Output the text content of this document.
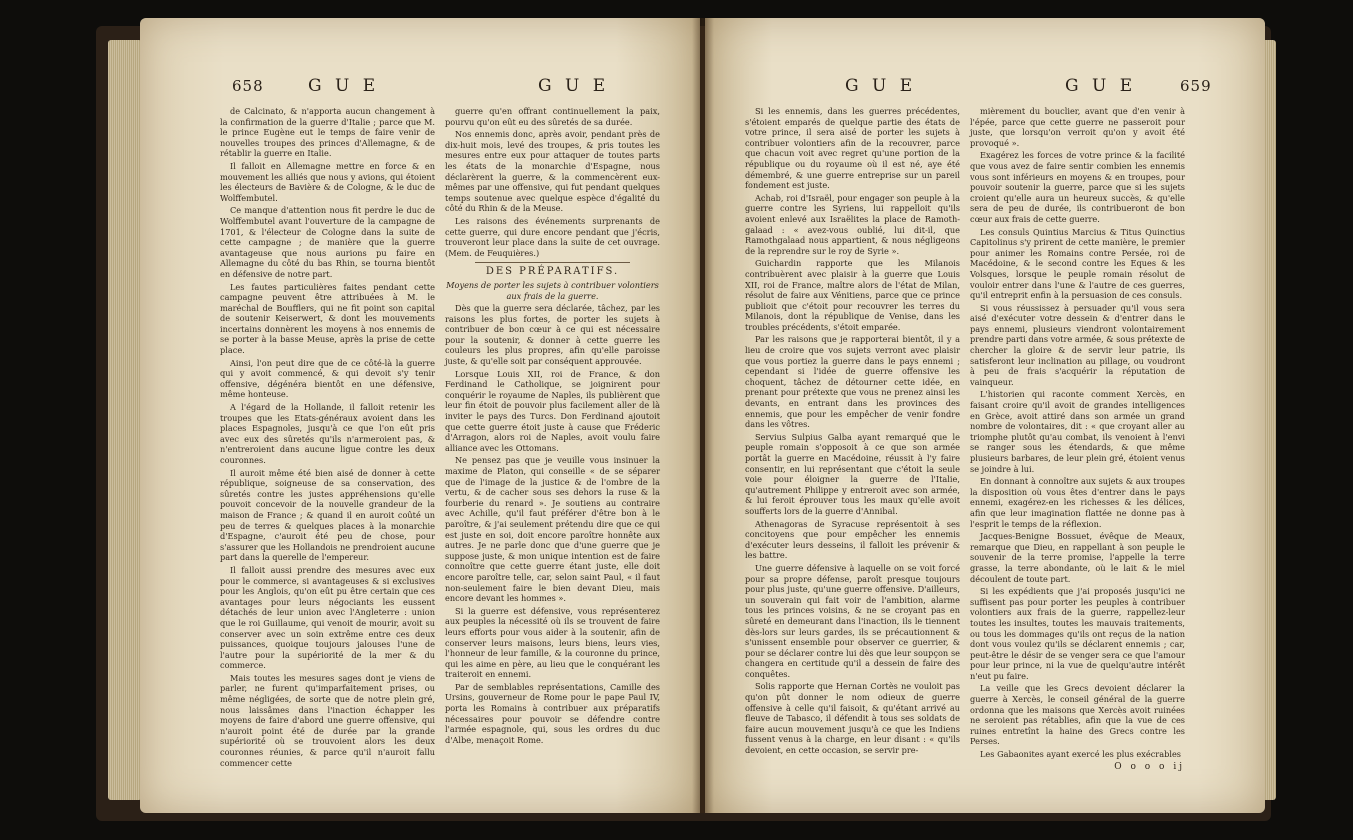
658	G U E	G U E

de Calcinato, & n'apporta aucun changement à la confirmation de la guerre d'Italie ; parce que M. le prince Eugène eut le temps de faire venir de nouvelles troupes des princes d'Allemagne, & de rétablir la guerre en Italie.

Il falloit en Allemagne mettre en force & en mouvement les alliés que nous y avions, qui étoient les électeurs de Bavière & de Cologne, & le duc de Wolffembutel.

Ce manque d'attention nous fit perdre le duc de Wolffembutel avant l'ouverture de la campagne de 1701, & l'électeur de Cologne dans la suite de cette campagne ; de manière que la guerre avantageuse que nous aurions pu faire en Allemagne du côté du bas Rhin, se tourna bientôt en défensive de notre part.

Les fautes particulières faites pendant cette campagne peuvent être attribuées à M. le maréchal de Boufflers, qui ne fit point son capital de soutenir Keiserwert, & dont les mouvements incertains donnèrent les moyens à nos ennemis de se porter à la basse Meuse, après la prise de cette place.

Ainsi, l'on peut dire que de ce côté-là la guerre qui y avoit commencé, & qui devoit s'y tenir offensive, dégénéra bientôt en une défensive, même honteuse.

A l'égard de la Hollande, il falloit retenir les troupes que les Etats-généraux avoient dans les places Espagnoles, jusqu'à ce que l'on eût pris avec eux des sûretés qu'ils n'armeroient pas, & n'entreroient dans aucune ligue contre les deux couronnes.

Il auroit même été bien aisé de donner à cette république, soigneuse de sa conservation, des sûretés contre les justes appréhensions qu'elle pouvoit concevoir de la nouvelle grandeur de la maison de France ; & quand il en auroit coûté un peu de terres & quelques places à la monarchie d'Espagne, c'auroit été peu de chose, pour s'assurer que les Hollandois ne prendroient aucune part dans la querelle de l'empereur.

Il falloit aussi prendre des mesures avec eux pour le commerce, si avantageuses & si exclusives pour les Anglois, qu'on eût pu être certain que ces avantages pour leurs négociants les eussent détachés de leur union avec l'Angleterre : union que le roi Guillaume, qui venoit de mourir, avoit su conserver avec un soin extrême entre ces deux puissances, quoique toujours jalouses l'une de l'autre pour la supériorité de la mer & du commerce.

Mais toutes les mesures sages dont je viens de parler, ne furent qu'imparfaitement prises, ou même négligées, de sorte que de notre plein gré, nous laissâmes dans l'inaction échapper les moyens de faire d'abord une guerre offensive, qui n'auroit point été de durée par la grande supériorité où se trouvoient alors les deux couronnes réunies, & parce qu'il n'auroit fallu commencer cette

guerre qu'en offrant continuellement la paix, pourvu qu'on eût eu des sûretés de sa durée.

Nos ennemis donc, après avoir, pendant près de dix-huit mois, levé des troupes, & pris toutes les mesures entre eux pour attaquer de toutes parts les états de la monarchie d'Espagne, nous déclarèrent la guerre, & la commencèrent eux-mêmes par une offensive, qui fut pendant quelques temps soutenue avec quelque espèce d'égalité du côté du Rhin & de la Meuse.

Les raisons des événements surprenants de cette guerre, qui dure encore pendant que j'écris, trouveront leur place dans la suite de cet ouvrage. (Mem. de Feuquières.)

DES PRÉPARATIFS.

Moyens de porter les sujets à contribuer volontiers aux frais de la guerre.

Dès que la guerre sera déclarée, tâchez, par les raisons les plus fortes, de porter les sujets à contribuer de bon cœur à ce qui est nécessaire pour la soutenir, & donner à cette guerre les couleurs les plus propres, afin qu'elle paroisse juste, & qu'elle soit par conséquent approuvée.

Lorsque Louis XII, roi de France, & don Ferdinand le Catholique, se joignirent pour conquérir le royaume de Naples, ils publièrent que leur fin étoit de pouvoir plus facilement aller de là inviter le pays des Turcs. Don Ferdinand ajoutoit que cette guerre étoit juste à cause que Fréderic d'Arragon, alors roi de Naples, avoit voulu faire alliance avec les Ottomans.

Ne pensez pas que je veuille vous insinuer la maxime de Platon, qui conseille « de se séparer que de l'image de la justice & de l'ombre de la vertu, & de cacher sous ses dehors la ruse & la fourberie du renard ». Je soutiens au contraire avec Achille, qu'il faut préférer d'être bon à le paroître, & j'ai seulement prétendu dire que ce qui est juste en soi, doit encore paroître honnête aux autres. Je ne parle donc que d'une guerre que je suppose juste, & mon unique intention est de faire connoître que cette guerre étant juste, elle doit encore paroître telle, car, selon saint Paul, « il faut non-seulement faire le bien devant Dieu, mais encore devant les hommes ».

Si la guerre est défensive, vous représenterez aux peuples la nécessité où ils se trouvent de faire leurs efforts pour vous aider à la soutenir, afin de conserver leurs maisons, leurs biens, leurs vies, l'honneur de leur famille, & la couronne du prince, qui les aime en père, au lieu que le conquérant les traiteroit en ennemi.

Par de semblables représentations, Camille des Ursins, gouverneur de Rome pour le pape Paul IV, porta les Romains à contribuer aux préparatifs nécessaires pour pouvoir se défendre contre l'armée espagnole, qui, sous les ordres du duc d'Albe, menaçoit Rome.

G U E	G U E	659

Si les ennemis, dans les guerres précédentes, s'étoient emparés de quelque partie des états de votre prince, il sera aisé de porter les sujets à contribuer volontiers afin de la recouvrer, parce que chacun voit avec regret qu'une portion de la république ou du royaume où il est né, aye été démembré, & une guerre entreprise sur un pareil fondement est juste.

Achab, roi d'Israël, pour engager son peuple à la guerre contre les Syriens, lui rappelloit qu'ils avoient enlevé aux Israëlites la place de Ramoth-galaad : « avez-vous oublié, lui dit-il, que Ramothgalaad nous appartient, & nous négligeons de la reprendre sur le roy de Syrie ».

Guichardin rapporte que les Milanois contribuèrent avec plaisir à la guerre que Louis XII, roi de France, maître alors de l'état de Milan, résolut de faire aux Vénitiens, parce que ce prince publioit que c'étoit pour recouvrer les terres du Milanois, dont la république de Venise, dans les troubles précédents, s'étoit emparée.

Par les raisons que je rapporterai bientôt, il y a lieu de croire que vos sujets verront avec plaisir que vous portiez la guerre dans le pays ennemi ; cependant si l'idée de guerre offensive les choquent, tâchez de détourner cette idée, en prenant pour prétexte que vous ne prenez ainsi les devants, en entrant dans les provinces des ennemis, que pour les empêcher de venir fondre dans les vôtres.

Servius Sulpius Galba ayant remarqué que le peuple romain s'opposoit à ce que son armée portât la guerre en Macédoine, réussit à l'y faire consentir, en lui représentant que c'étoit la seule voie pour éloigner la guerre de l'Italie, qu'autrement Philippe y entreroit avec son armée, & lui feroit éprouver tous les maux qu'elle avoit soufferts lors de la guerre d'Annibal.

Athenagoras de Syracuse représentoit à ses concitoyens que pour empêcher les ennemis d'exécuter leurs desseins, il falloit les prévenir & les battre.

Une guerre défensive à laquelle on se voit forcé pour sa propre défense, paroît presque toujours pour plus juste, qu'une guerre offensive. D'ailleurs, un souverain qui fait voir de l'ambition, alarme tous les princes voisins, & ne se croyant pas en sûreté en demeurant dans l'inaction, ils le tiennent dès-lors sur leurs gardes, ils se précautionnent & s'unissent ensemble pour observer ce guerrier, & pour se déclarer contre lui dès que leur soupçon se changera en certitude qu'il a dessein de faire des conquêtes.

Solis rapporte que Hernan Cortès ne vouloit pas qu'on pût donner le nom odieux de guerre offensive à celle qu'il faisoit, & qu'étant arrivé au fleuve de Tabasco, il défendit à tous ses soldats de faire aucun mouvement jusqu'à ce que les Indiens fussent venus à la charge, en leur disant : « qu'ils devoient, en cette occasion, se servir pre-

mièrement du bouclier, avant que d'en venir à l'épée, parce que cette guerre ne passeroit pour juste, que lorsqu'on verroit qu'on y avoit été provoqué ».

Exagérez les forces de votre prince & la facilité que vous avez de faire sentir combien les ennemis vous sont inférieurs en moyens & en troupes, pour pouvoir soutenir la guerre, parce que si les sujets croient qu'elle aura un heureux succès, & qu'elle sera de peu de durée, ils contribueront de bon cœur aux frais de cette guerre.

Les consuls Quintius Marcius & Titus Quinctius Capitolinus s'y prirent de cette manière, le premier pour animer les Romains contre Persée, roi de Macédoine, & le second contre les Eques & les Volsques, lorsque le peuple romain résolut de vouloir entrer dans l'une & l'autre de ces guerres, qu'il entreprit enfin à la persuasion de ces consuls.

Si vous réussissez à persuader qu'il vous sera aisé d'exécuter votre dessein & d'entrer dans le pays ennemi, plusieurs viendront volontairement prendre parti dans votre armée, & sous prétexte de chercher la gloire & de servir leur patrie, ils satisferont leur inclination au pillage, ou voudront à peu de frais s'acquérir la réputation de vainqueur.

L'historien qui raconte comment Xercès, en faisant croire qu'il avoit de grandes intelligences en Grèce, avoit attiré dans son armée un grand nombre de volontaires, dit : « que croyant aller au triomphe plutôt qu'au combat, ils venoient à l'envi se ranger sous les étendards, & que même plusieurs barbares, de leur plein gré, étoient venus se joindre à lui.

En donnant à connoître aux sujets & aux troupes la disposition où vous êtes d'entrer dans le pays ennemi, exagérez-en les richesses & les délices, afin que leur imagination flattée ne donne pas à l'esprit le temps de la réflexion.

Jacques-Benigne Bossuet, évêque de Meaux, remarque que Dieu, en rappellant à son peuple le souvenir de la terre promise, l'appelle la terre grasse, la terre abondante, où le lait & le miel découlent de toute part.

Si les expédients que j'ai proposés jusqu'ici ne suffisent pas pour porter les peuples à contribuer volontiers aux frais de la guerre, rappellez-leur toutes les insultes, toutes les mauvais traitements, ou tous les dommages qu'ils ont reçus de la nation dont vous voulez qu'ils se déclarent ennemis ; car, peut-être le désir de se venger sera ce que l'amour pour leur prince, ni la vue de quelqu'autre intérêt n'eut pu faire.

La veille que les Grecs devoient déclarer la guerre à Xercès, le conseil général de la guerre ordonna que les maisons que Xercès avoit ruinées ne seroient pas rétablies, afin que la vue de ces ruines entretînt la haine des Grecs contre les Perses.

Les Gabaonites ayant exercé les plus exécrables

O o o o ij
